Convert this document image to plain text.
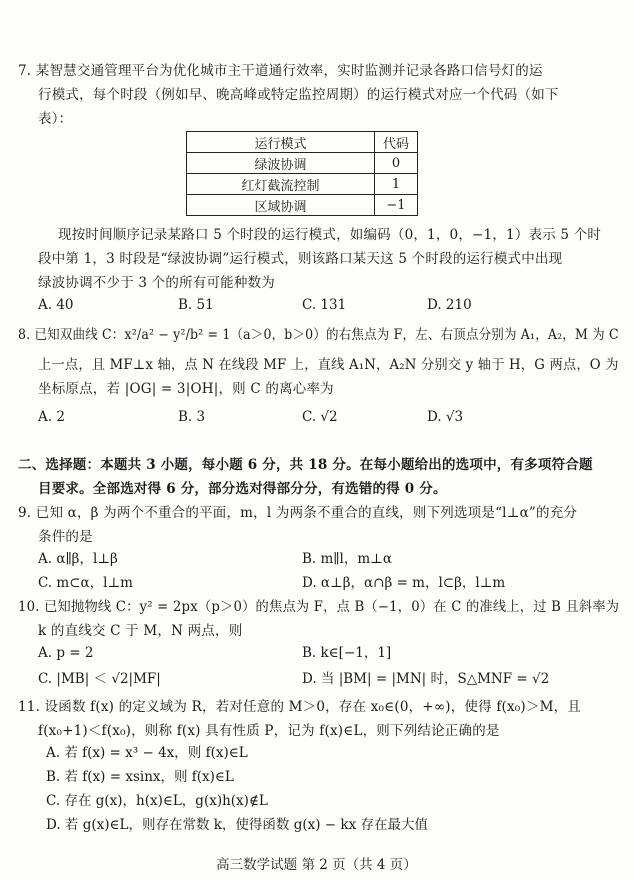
7. 某智慧交通管理平台为优化城市主干道通行效率，实时监测并记录各路口信号灯的运
行模式，每个时段（例如早、晚高峰或特定监控周期）的运行模式对应一个代码（如下
表）：
运行模式	代码
绿波协调	0
红灯截流控制	1
区域协调	−1
现按时间顺序记录某路口 5 个时段的运行模式，如编码（0，1，0，−1，1）表示 5 个时
段中第 1，3 时段是“绿波协调”运行模式，则该路口某天这 5 个时段的运行模式中出现
绿波协调不少于 3 个的所有可能种数为
A. 40	B. 51	C. 131	D. 210
8. 已知双曲线 C：x²/a² − y²/b² = 1（a＞0，b＞0）的右焦点为 F，左、右顶点分别为 A₁，A₂，M 为 C
上一点，且 MF⊥x 轴，点 N 在线段 MF 上，直线 A₁N，A₂N 分别交 y 轴于 H，G 两点，O 为
坐标原点，若 |OG| = 3|OH|，则 C 的离心率为
A. 2	B. 3	C. √2	D. √3
二、选择题：本题共 3 小题，每小题 6 分，共 18 分。在每小题给出的选项中，有多项符合题
目要求。全部选对得 6 分，部分选对得部分分，有选错的得 0 分。
9. 已知 α，β 为两个不重合的平面，m，l 为两条不重合的直线，则下列选项是“l⊥α”的充分
条件的是
A. α∥β，l⊥β	B. m∥l，m⊥α
C. m⊂α，l⊥m	D. α⊥β，α∩β = m，l⊂β，l⊥m
10. 已知抛物线 C：y² = 2px（p＞0）的焦点为 F，点 B（−1，0）在 C 的准线上，过 B 且斜率为
k 的直线交 C 于 M，N 两点，则
A. p = 2	B. k∈[−1，1]
C. |MB| ＜ √2|MF|	D. 当 |BM| = |MN| 时，S△MNF = √2
11. 设函数 f(x) 的定义域为 R，若对任意的 M＞0，存在 x₀∈(0，+∞)，使得 f(x₀)＞M，且
f(x₀+1)＜f(x₀)，则称 f(x) 具有性质 P，记为 f(x)∈L，则下列结论正确的是
A. 若 f(x) = x³ − 4x，则 f(x)∈L
B. 若 f(x) = xsinx，则 f(x)∈L
C. 存在 g(x)，h(x)∈L，g(x)h(x)∉L
D. 若 g(x)∈L，则存在常数 k，使得函数 g(x) − kx 存在最大值
高三数学试题 第 2 页（共 4 页）
